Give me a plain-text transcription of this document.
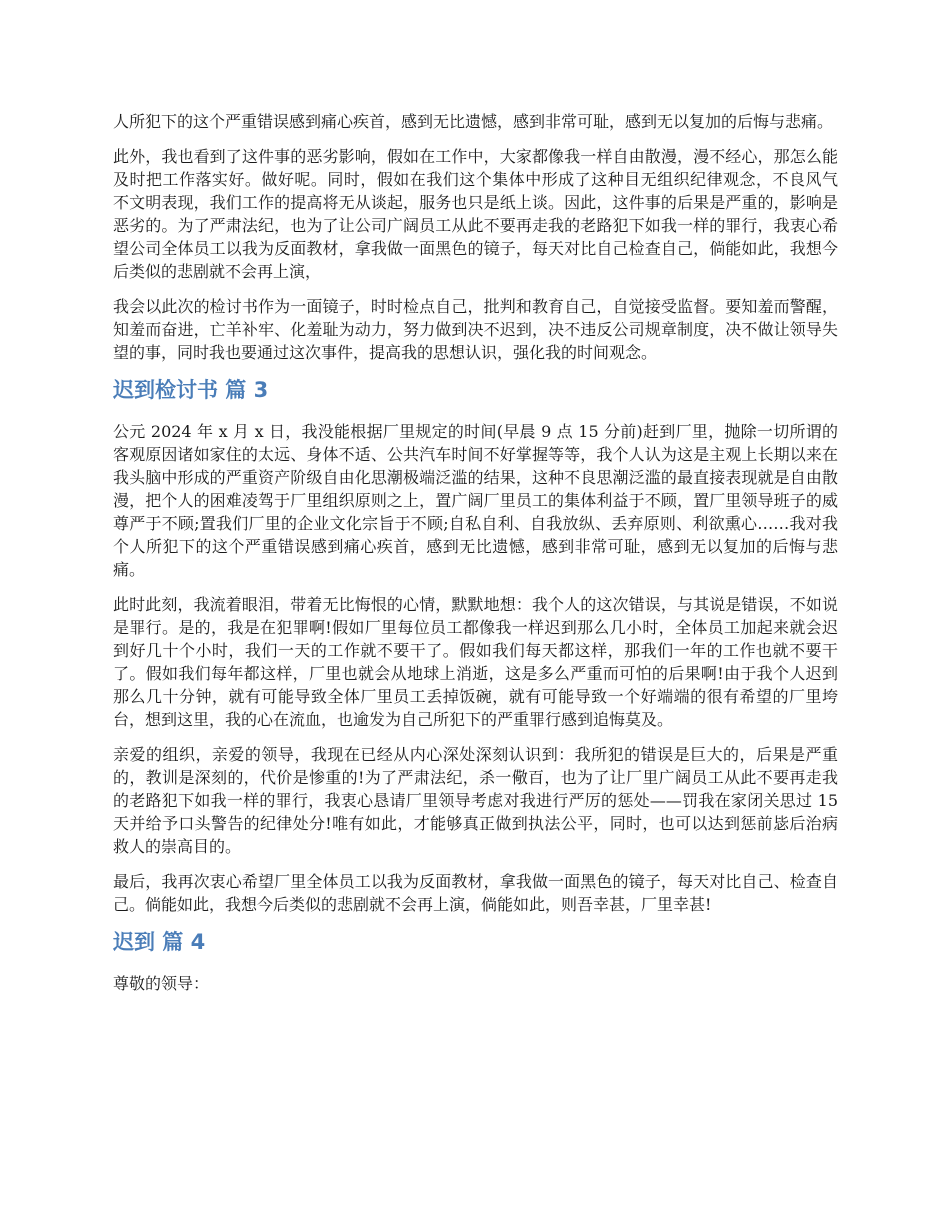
人所犯下的这个严重错误感到痛心疾首，感到无比遗憾，感到非常可耻，感到无以复加的后悔与悲痛。

此外，我也看到了这件事的恶劣影响，假如在工作中，大家都像我一样自由散漫，漫不经心，那怎么能及时把工作落实好。做好呢。同时，假如在我们这个集体中形成了这种目无组织纪律观念，不良风气 不文明表现，我们工作的提高将无从谈起，服务也只是纸上谈。因此，这件事的后果是严重的，影响是恶劣的。为了严肃法纪，也为了让公司广阔员工从此不要再走我的老路犯下如我一样的罪行，我衷心希望公司全体员工以我为反面教材，拿我做一面黑色的镜子，每天对比自己检查自己，倘能如此，我想今后类似的悲剧就不会再上演，

我会以此次的检讨书作为一面镜子，时时检点自己，批判和教育自己，自觉接受监督。要知羞而警醒，知羞而奋进，亡羊补牢、化羞耻为动力，努力做到决不迟到，决不违反公司规章制度，决不做让领导失望的事，同时我也要通过这次事件，提高我的思想认识，强化我的时间观念。

迟到检讨书 篇 3

公元 2024 年 x 月 x 日，我没能根据厂里规定的时间(早晨 9 点 15 分前)赶到厂里，抛除一切所谓的客观原因诸如家住的太远、身体不适、公共汽车时间不好掌握等等，我个人认为这是主观上长期以来在我头脑中形成的严重资产阶级自由化思潮极端泛滥的结果，这种不良思潮泛滥的最直接表现就是自由散漫，把个人的困难凌驾于厂里组织原则之上，置广阔厂里员工的集体利益于不顾，置厂里领导班子的威尊严于不顾;置我们厂里的企业文化宗旨于不顾;自私自利、自我放纵、丢弃原则、利欲熏心……我对我个人所犯下的这个严重错误感到痛心疾首，感到无比遗憾，感到非常可耻，感到无以复加的后悔与悲痛。

此时此刻，我流着眼泪，带着无比悔恨的心情，默默地想：我个人的这次错误，与其说是错误，不如说是罪行。是的，我是在犯罪啊!假如厂里每位员工都像我一样迟到那么几小时，全体员工加起来就会迟到好几十个小时，我们一天的工作就不要干了。假如我们每天都这样，那我们一年的工作也就不要干了。假如我们每年都这样，厂里也就会从地球上消逝，这是多么严重而可怕的后果啊!由于我个人迟到那么几十分钟，就有可能导致全体厂里员工丢掉饭碗，就有可能导致一个好端端的很有希望的厂里垮台，想到这里，我的心在流血，也逾发为自己所犯下的严重罪行感到追悔莫及。

亲爱的组织，亲爱的领导，我现在已经从内心深处深刻认识到：我所犯的错误是巨大的，后果是严重的，教训是深刻的，代价是惨重的!为了严肃法纪，杀一儆百，也为了让厂里广阔员工从此不要再走我的老路犯下如我一样的罪行，我衷心恳请厂里领导考虑对我进行严厉的惩处——罚我在家闭关思过 15 天并给予口头警告的纪律处分!唯有如此，才能够真正做到执法公平，同时，也可以达到惩前毖后治病救人的崇高目的。

最后，我再次衷心希望厂里全体员工以我为反面教材，拿我做一面黑色的镜子，每天对比自己、检查自己。倘能如此，我想今后类似的悲剧就不会再上演，倘能如此，则吾幸甚，厂里幸甚!

迟到 篇 4

尊敬的领导：
